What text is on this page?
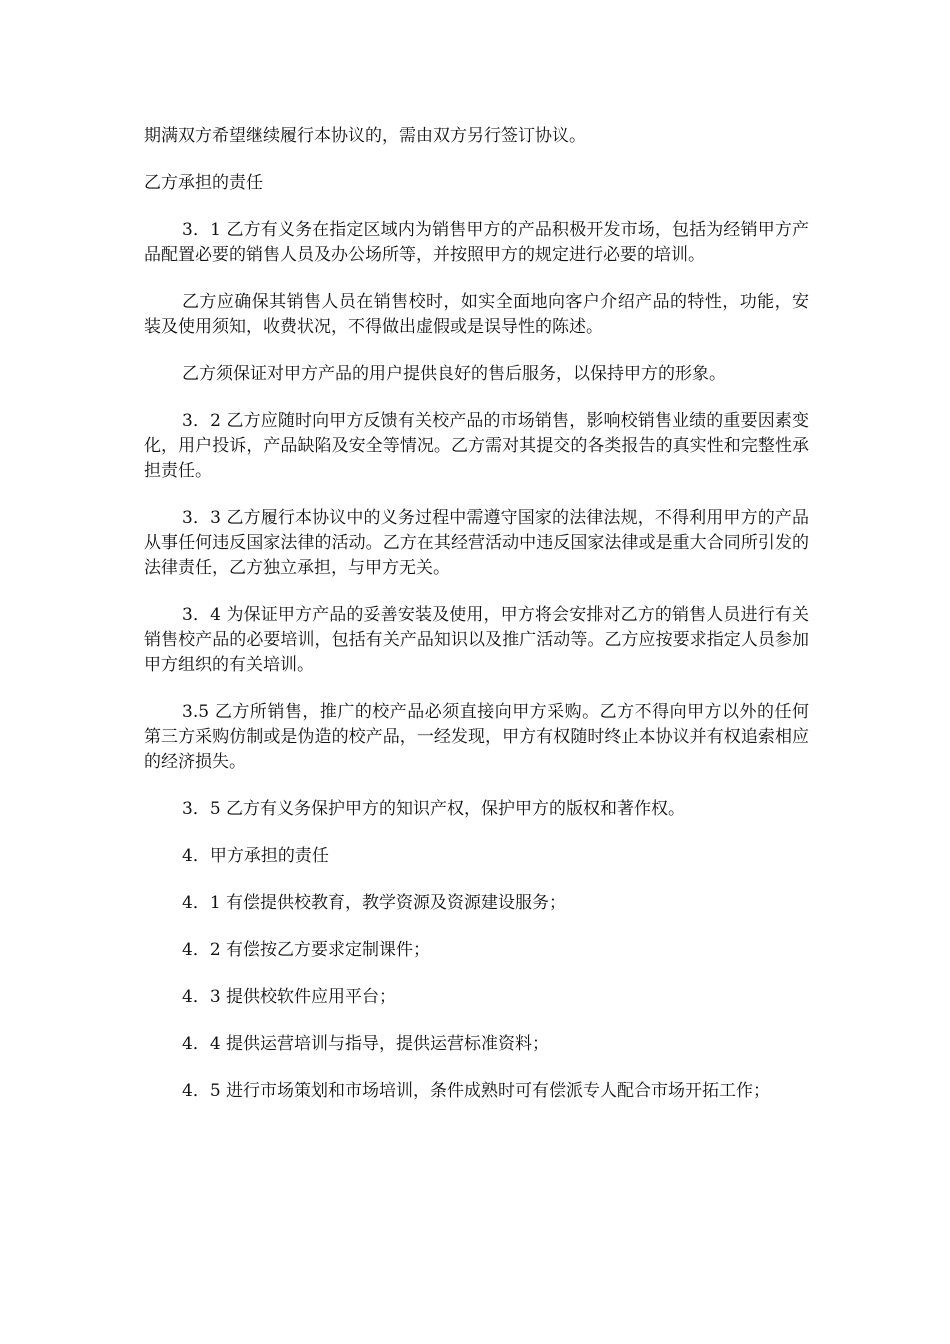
期满双方希望继续履行本协议的，需由双方另行签订协议。

乙方承担的责任

3．1 乙方有义务在指定区域内为销售甲方的产品积极开发市场，包括为经销甲方产品配置必要的销售人员及办公场所等，并按照甲方的规定进行必要的培训。

乙方应确保其销售人员在销售校时，如实全面地向客户介绍产品的特性，功能，安装及使用须知，收费状况，不得做出虚假或是误导性的陈述。

乙方须保证对甲方产品的用户提供良好的售后服务，以保持甲方的形象。

3．2 乙方应随时向甲方反馈有关校产品的市场销售，影响校销售业绩的重要因素变化，用户投诉，产品缺陷及安全等情况。乙方需对其提交的各类报告的真实性和完整性承担责任。

3．3 乙方履行本协议中的义务过程中需遵守国家的法律法规，不得利用甲方的产品从事任何违反国家法律的活动。乙方在其经营活动中违反国家法律或是重大合同所引发的法律责任，乙方独立承担，与甲方无关。

3．4 为保证甲方产品的妥善安装及使用，甲方将会安排对乙方的销售人员进行有关销售校产品的必要培训，包括有关产品知识以及推广活动等。乙方应按要求指定人员参加甲方组织的有关培训。

3.5 乙方所销售，推广的校产品必须直接向甲方采购。乙方不得向甲方以外的任何第三方采购仿制或是伪造的校产品，一经发现，甲方有权随时终止本协议并有权追索相应的经济损失。

3．5 乙方有义务保护甲方的知识产权，保护甲方的版权和著作权。

4．甲方承担的责任

4．1 有偿提供校教育，教学资源及资源建设服务；

4．2 有偿按乙方要求定制课件；

4．3 提供校软件应用平台；

4．4 提供运营培训与指导，提供运营标准资料；

4．5 进行市场策划和市场培训，条件成熟时可有偿派专人配合市场开拓工作；
